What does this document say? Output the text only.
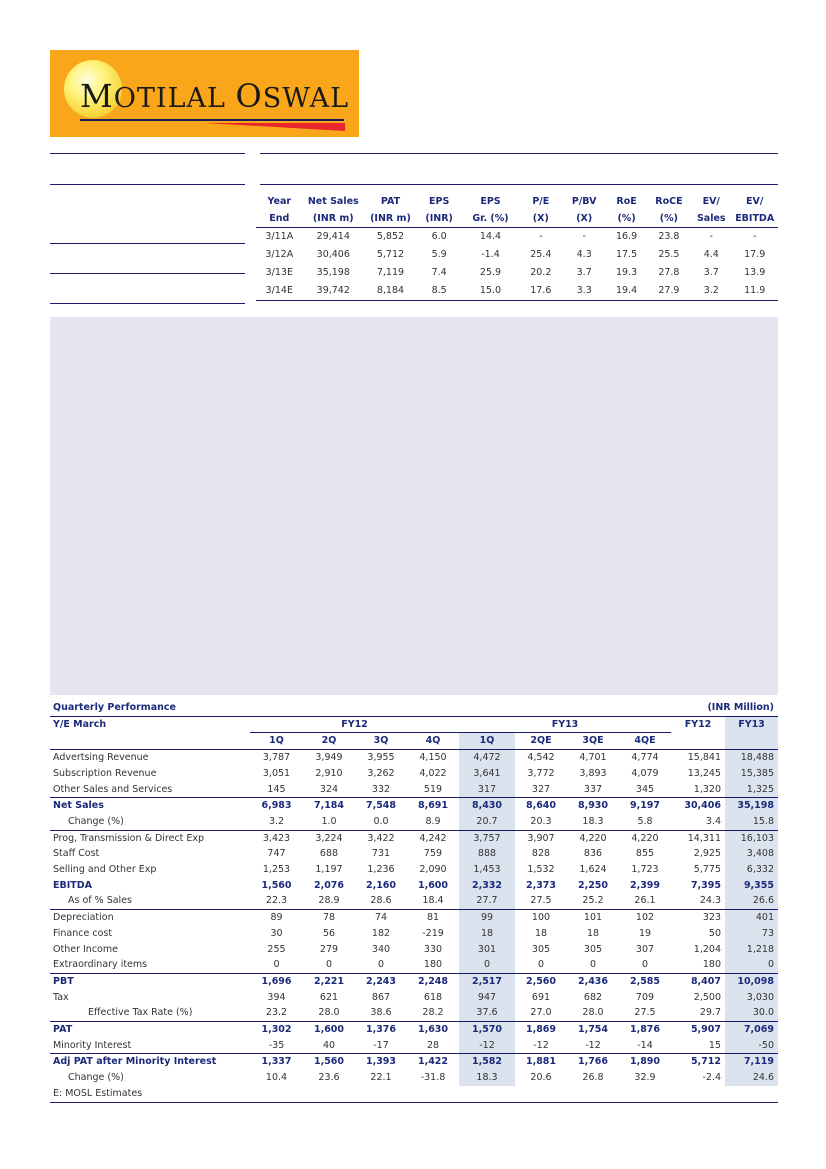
MOTILAL OSWAL
Year	Net Sales	PAT	EPS	EPS	P/E	P/BV	RoE	RoCE	EV/	EV/
End	(INR m)	(INR m)	(INR)	Gr. (%)	(X)	(X)	(%)	(%)	Sales	EBITDA
3/11A	29,414	5,852	6.0	14.4	-	-	16.9	23.8	-	-
3/12A	30,406	5,712	5.9	-1.4	25.4	4.3	17.5	25.5	4.4	17.9
3/13E	35,198	7,119	7.4	25.9	20.2	3.7	19.3	27.8	3.7	13.9
3/14E	39,742	8,184	8.5	15.0	17.6	3.3	19.4	27.9	3.2	11.9
Quarterly Performance								(INR Million)		
Y/E March	FY12				FY13				FY12	FY13
	1Q	2Q	3Q	4Q	1Q	2QE	3QE	4QE		
Advertsing Revenue	3,787	3,949	3,955	4,150	4,472	4,542	4,701	4,774	15,841	18,488
Subscription Revenue	3,051	2,910	3,262	4,022	3,641	3,772	3,893	4,079	13,245	15,385
Other Sales and Services	145	324	332	519	317	327	337	345	1,320	1,325
Net Sales	6,983	7,184	7,548	8,691	8,430	8,640	8,930	9,197	30,406	35,198
Change (%)	3.2	1.0	0.0	8.9	20.7	20.3	18.3	5.8	3.4	15.8
Prog, Transmission & Direct Exp	3,423	3,224	3,422	4,242	3,757	3,907	4,220	4,220	14,311	16,103
Staff Cost	747	688	731	759	888	828	836	855	2,925	3,408
Selling and Other Exp	1,253	1,197	1,236	2,090	1,453	1,532	1,624	1,723	5,775	6,332
EBITDA	1,560	2,076	2,160	1,600	2,332	2,373	2,250	2,399	7,395	9,355
As of % Sales	22.3	28.9	28.6	18.4	27.7	27.5	25.2	26.1	24.3	26.6
Depreciation	89	78	74	81	99	100	101	102	323	401
Finance cost	30	56	182	-219	18	18	18	19	50	73
Other Income	255	279	340	330	301	305	305	307	1,204	1,218
Extraordinary items	0	0	0	180	0	0	0	0	180	0
PBT	1,696	2,221	2,243	2,248	2,517	2,560	2,436	2,585	8,407	10,098
Tax	394	621	867	618	947	691	682	709	2,500	3,030
Effective Tax Rate (%)	23.2	28.0	38.6	28.2	37.6	27.0	28.0	27.5	29.7	30.0
PAT	1,302	1,600	1,376	1,630	1,570	1,869	1,754	1,876	5,907	7,069
Minority Interest	-35	40	-17	28	-12	-12	-12	-14	15	-50
Adj PAT after Minority Interest	1,337	1,560	1,393	1,422	1,582	1,881	1,766	1,890	5,712	7,119
Change (%)	10.4	23.6	22.1	-31.8	18.3	20.6	26.8	32.9	-2.4	24.6
E: MOSL Estimates										
